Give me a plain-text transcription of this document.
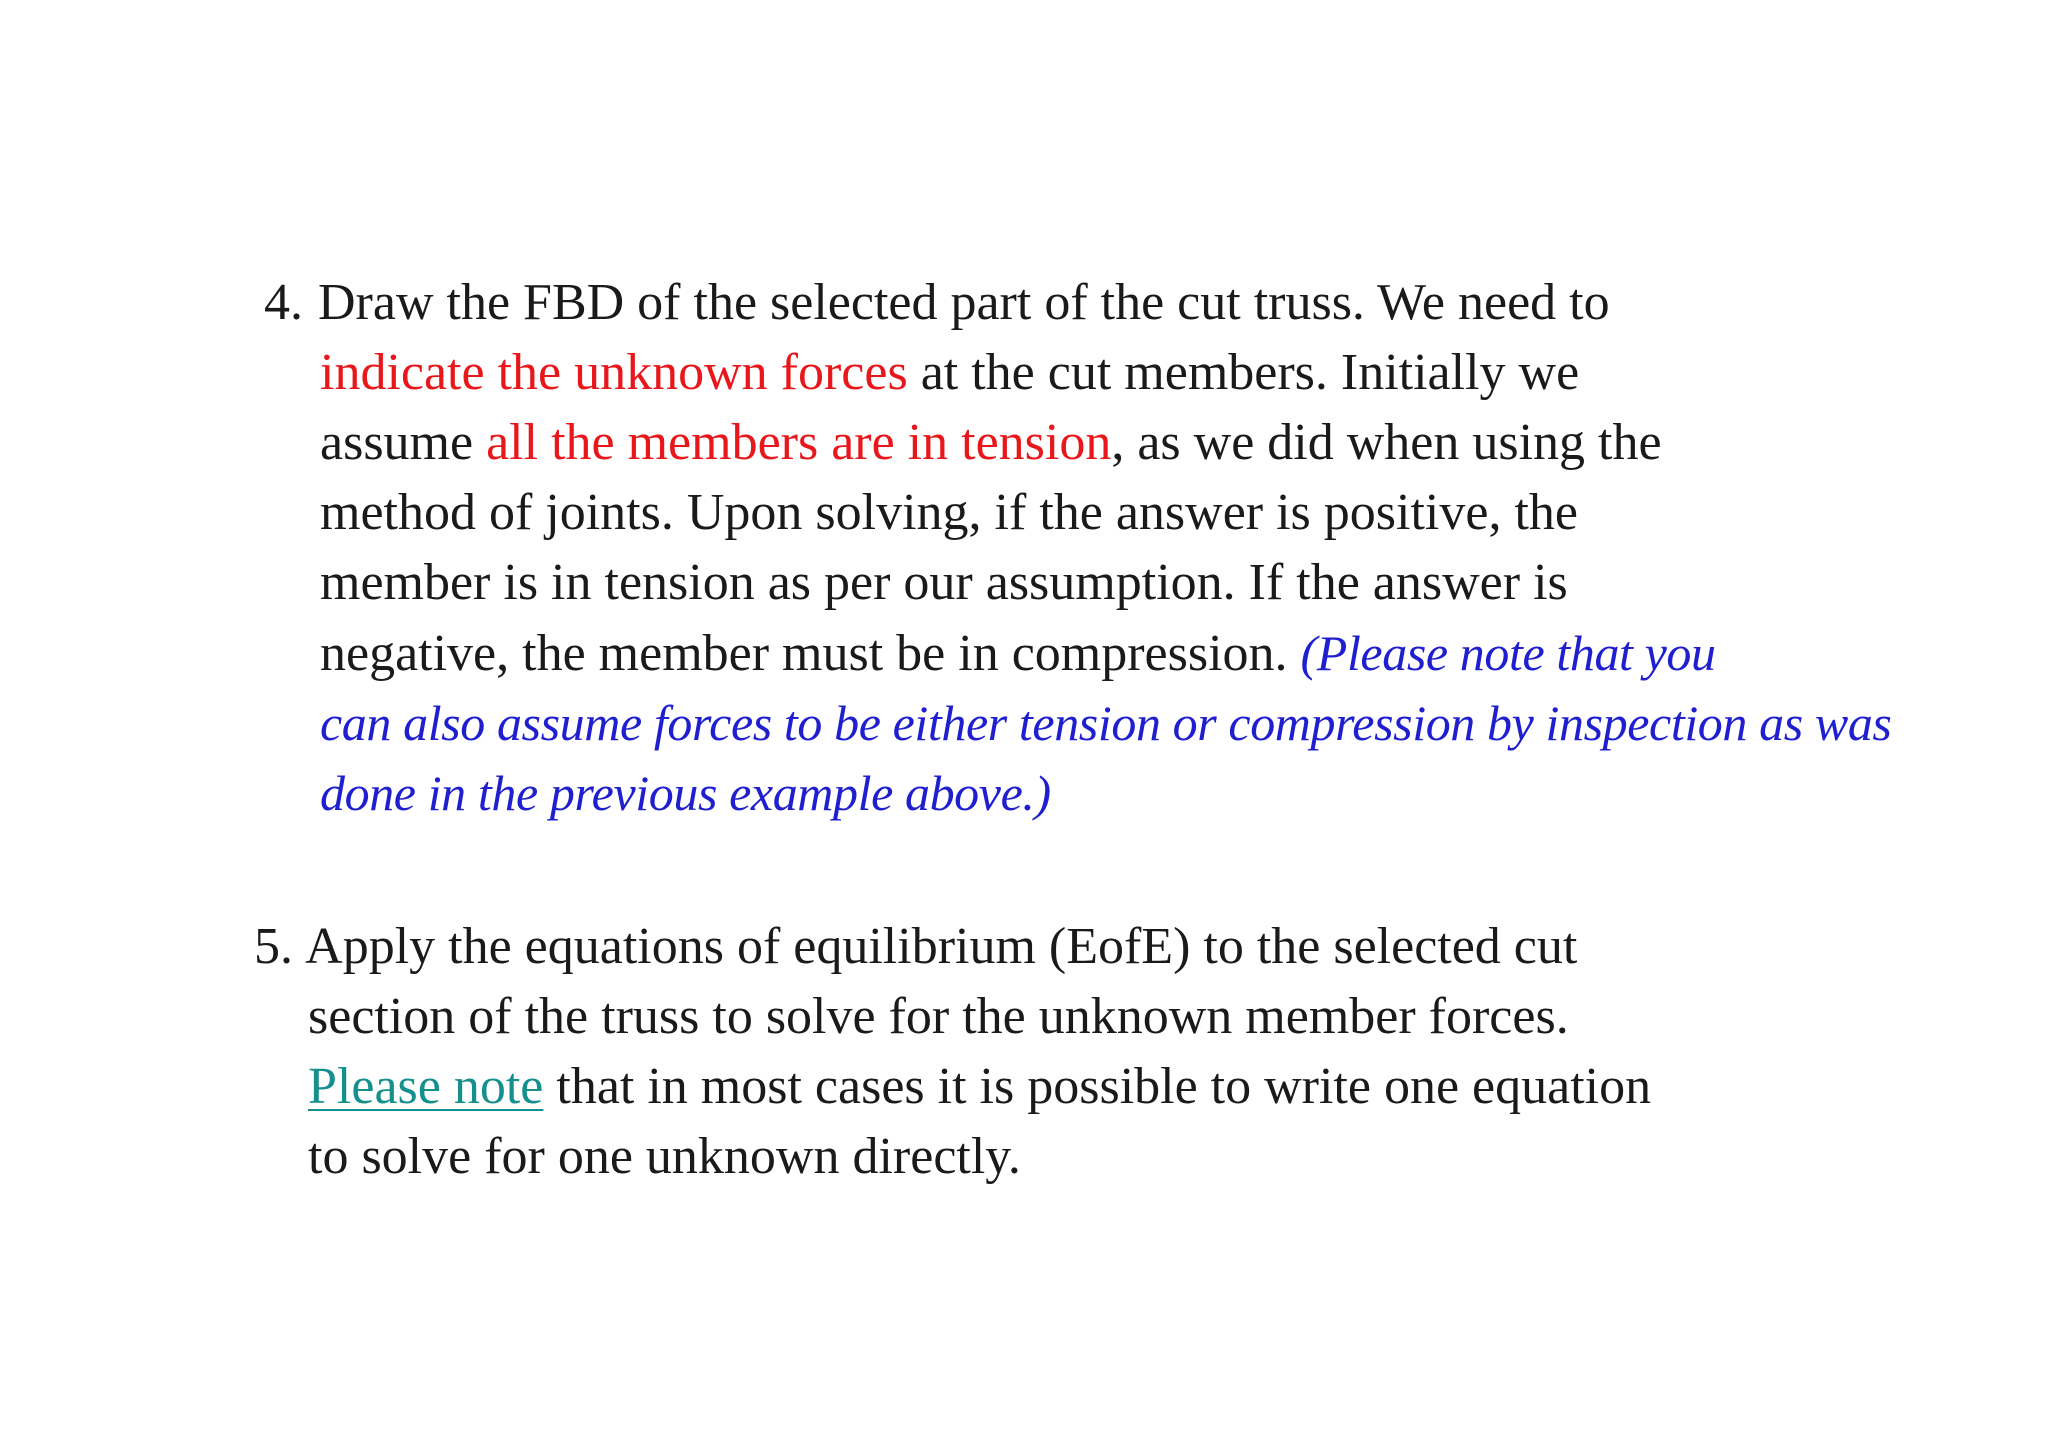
4. Draw the FBD of the selected part of the cut truss. We need to
indicate the unknown forces at the cut members. Initially we
assume all the members are in tension, as we did when using the
method of joints. Upon solving, if the answer is positive, the
member is in tension as per our assumption. If the answer is
negative, the member must be in compression. (Please note that you
can also assume forces to be either tension or compression by inspection as was
done in the previous example above.)
5. Apply the equations of equilibrium (EofE) to the selected cut
section of the truss to solve for the unknown member forces.
Please note that in most cases it is possible to write one equation
to solve for one unknown directly.
